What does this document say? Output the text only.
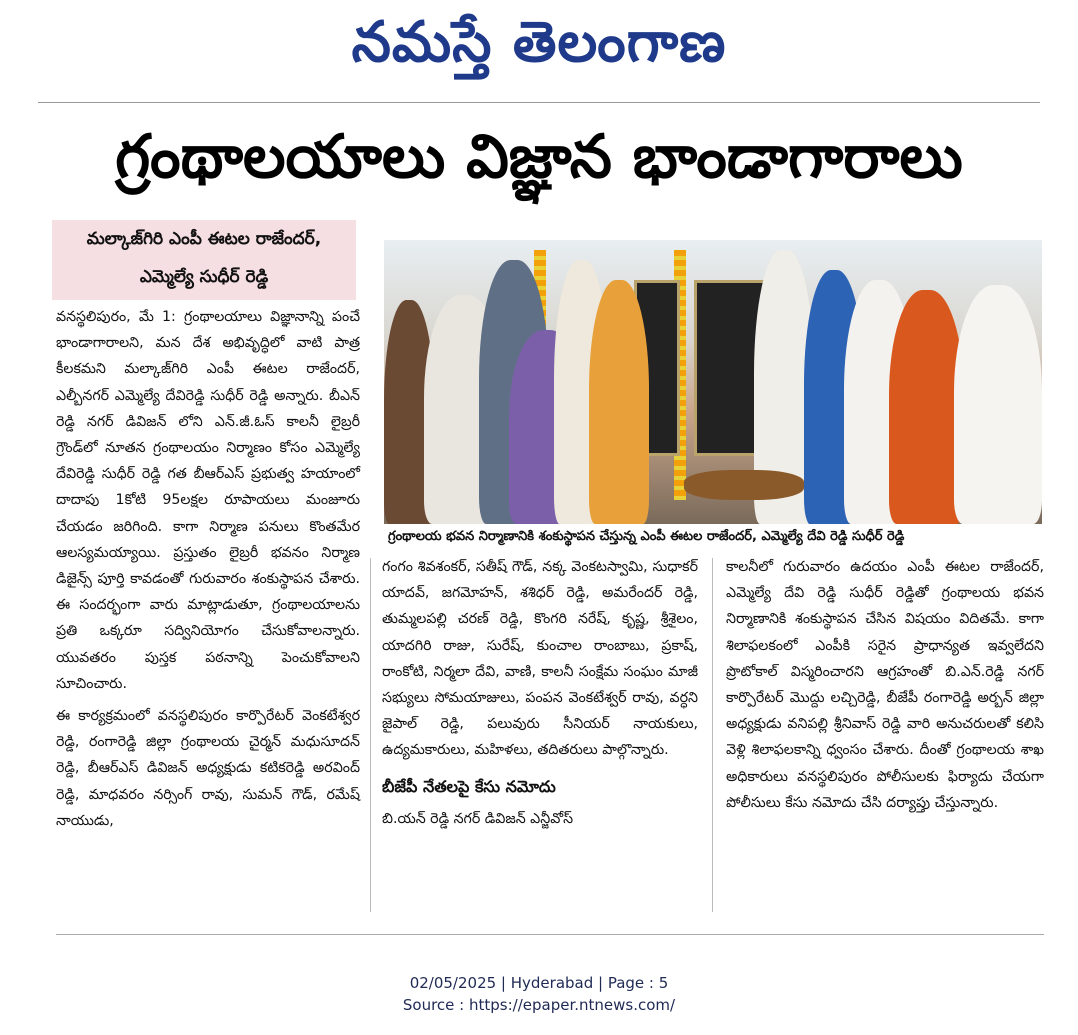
నమస్తే తెలంగాణ
గ్రంథాలయాలు విజ్ఞాన భాండాగారాలు
మల్కాజ్‌గిరి ఎంపీ ఈటల రాజేందర్,
ఎమ్మెల్యే సుధీర్ రెడ్డి
గ్రంథాలయ భవన నిర్మాణానికి శంకుస్థాపన చేస్తున్న ఎంపీ ఈటల రాజేందర్, ఎమ్మెల్యే దేవి రెడ్డి సుధీర్ రెడ్డి

వనస్థలిపురం, మే 1: గ్రంథాలయాలు విజ్ఞానాన్ని పంచే భాండాగారాలని, మన దేశ అభివృద్ధిలో వాటి పాత్ర కీలకమని మల్కాజ్‌గిరి ఎంపీ ఈటల రాజేందర్, ఎల్బీనగర్ ఎమ్మెల్యే దేవిరెడ్డి సుధీర్ రెడ్డి అన్నారు. బీఎన్ రెడ్డి నగర్ డివిజన్ లోని ఎన్.జీ.ఓస్ కాలనీ లైబ్రరీ గ్రౌండ్‌లో నూతన గ్రంథాలయం నిర్మాణం కోసం ఎమ్మెల్యే దేవిరెడ్డి సుధీర్ రెడ్డి గత బీఆర్ఎస్ ప్రభుత్వ హయాంలో దాదాపు 1కోటి 95లక్షల రూపాయలు మంజూరు చేయడం జరిగింది. కాగా నిర్మాణ పనులు కొంతమేర ఆలస్యమయ్యాయి. ప్రస్తుతం లైబ్రరీ భవనం నిర్మాణ డిజైన్స్ పూర్తి కావడంతో గురువారం శంకుస్థాపన చేశారు. ఈ సందర్భంగా వారు మాట్లాడుతూ, గ్రంథాలయాలను ప్రతి ఒక్కరూ సద్వినియోగం చేసుకోవాలన్నారు. యువతరం పుస్తక పఠనాన్ని పెంచుకోవాలని సూచించారు.

ఈ కార్యక్రమంలో వనస్థలిపురం కార్పొరేటర్ వెంకటేశ్వర రెడ్డి, రంగారెడ్డి జిల్లా గ్రంథాలయ చైర్మన్ మధుసూదన్ రెడ్డి, బీఆర్ఎస్ డివిజన్ అధ్యక్షుడు కటికరెడ్డి అరవింద్ రెడ్డి, మాధవరం నర్సింగ్ రావు, సుమన్ గౌడ్, రమేష్ నాయుడు,

గంగం శివశంకర్, సతీష్ గౌడ్, నక్క వెంకటస్వామి, సుధాకర్ యాదవ్, జగమోహన్, శశిధర్ రెడ్డి, అమరేందర్ రెడ్డి, తుమ్మలపల్లి చరణ్ రెడ్డి, కొంగరి నరేష్, కృష్ణ, శ్రీశైలం, యాదగిరి రాజు, సురేష్, కుంచాల రాంబాబు, ప్రకాష్, రాంకోటి, నిర్మలా దేవి, వాణి, కాలనీ సంక్షేమ సంఘం మాజీ సభ్యులు సోమయాజులు, పంపన వెంకటేశ్వర్ రావు, వర్ధని జైపాల్ రెడ్డి, పలువురు సీనియర్ నాయకులు, ఉద్యమకారులు, మహిళలు, తదితరులు పాల్గొన్నారు.

బీజేపీ నేతలపై కేసు నమోదు

బి.యన్ రెడ్డి నగర్ డివిజన్ ఎన్జీవోస్

కాలనీలో గురువారం ఉదయం ఎంపీ ఈటల రాజేందర్, ఎమ్మెల్యే దేవి రెడ్డి సుధీర్ రెడ్డితో గ్రంథాలయ భవన నిర్మాణానికి శంకుస్థాపన చేసిన విషయం విదితమే. కాగా శిలాఫలకంలో ఎంపీకి సరైన ప్రాధాన్యత ఇవ్వలేదని ప్రొటోకాల్ విస్మరించారని ఆగ్రహంతో బి.ఎన్.రెడ్డి నగర్ కార్పొరేటర్ మొద్దు లచ్చిరెడ్డి, బీజేపీ రంగారెడ్డి అర్బన్ జిల్లా అధ్యక్షుడు వనిపల్లి శ్రీనివాస్ రెడ్డి వారి అనుచరులతో కలిసి వెళ్లి శిలాఫలకాన్ని ధ్వంసం చేశారు. దీంతో గ్రంథాలయ శాఖ అధికారులు వనస్థలిపురం పోలీసులకు ఫిర్యాదు చేయగా పోలీసులు కేసు నమోదు చేసి దర్యాప్తు చేస్తున్నారు.

02/05/2025 | Hyderabad | Page : 5
Source : https://epaper.ntnews.com/
